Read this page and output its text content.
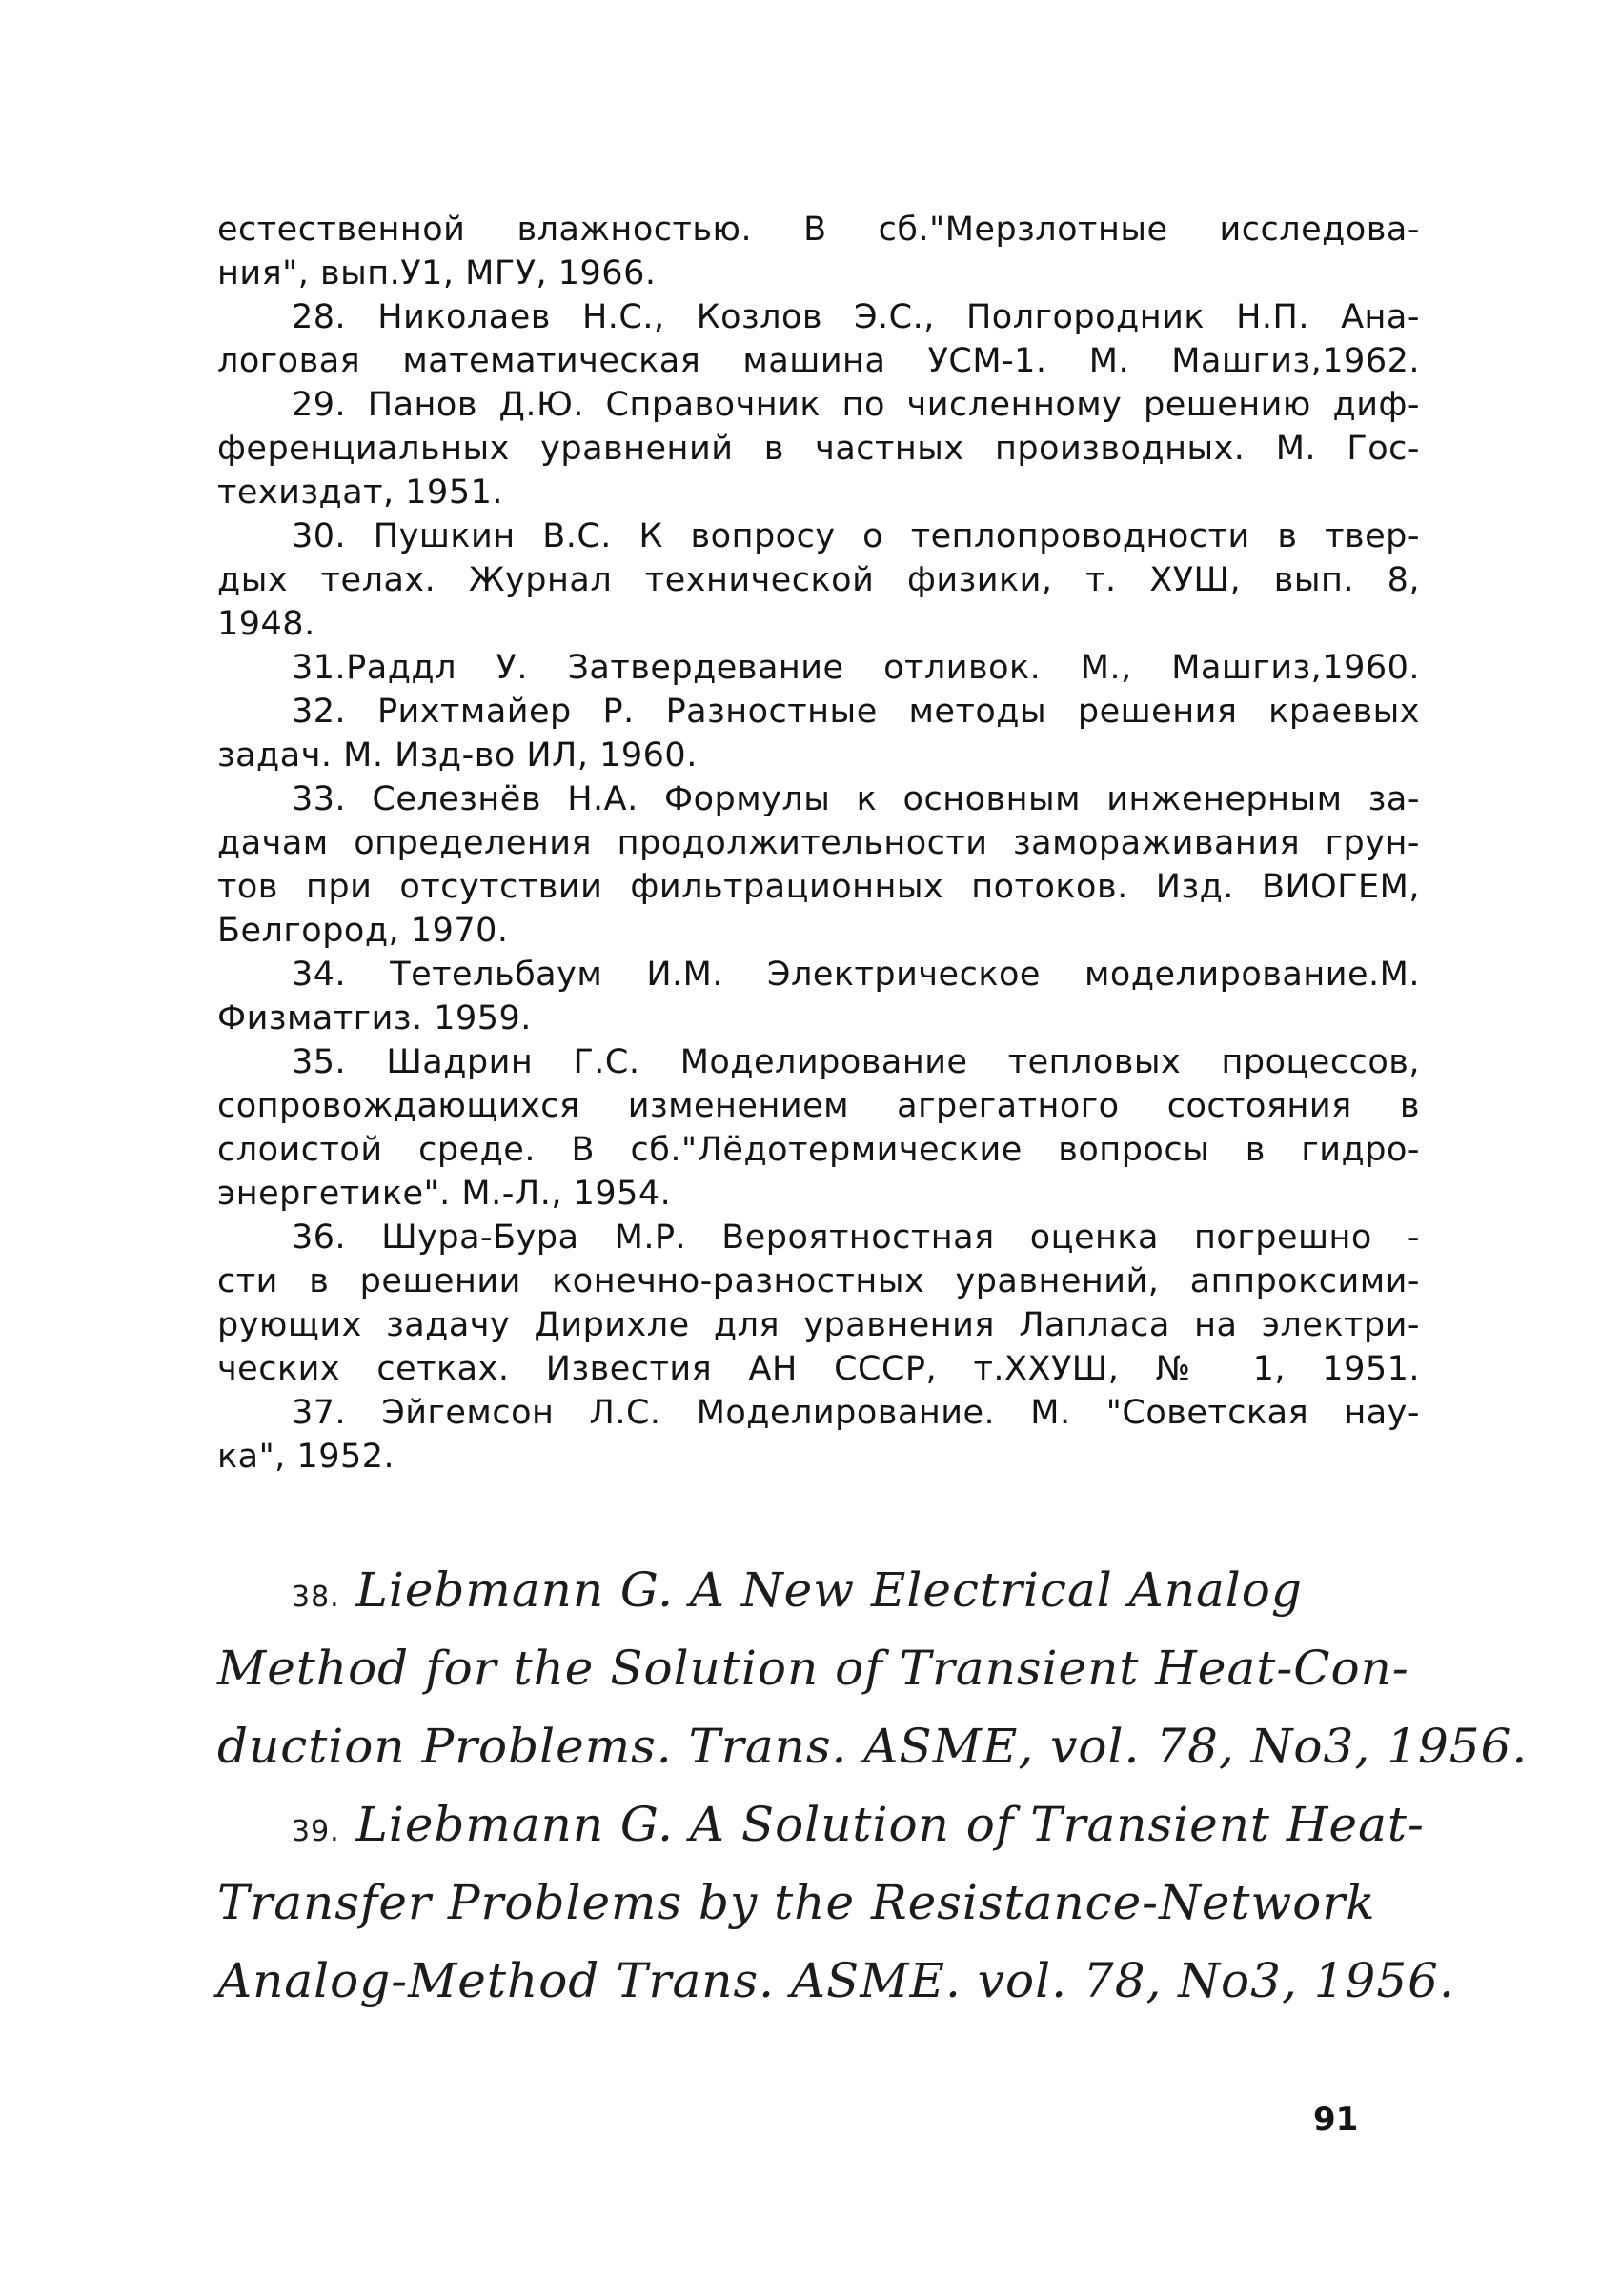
естественной влажностью. В сб."Мерзлотные исследова-
ния", вып.У1, МГУ, 1966.
28. Николаев Н.С., Козлов Э.С., Полгородник Н.П. Ана-
логовая математическая машина УСМ-1. М. Машгиз,1962.
29. Панов Д.Ю. Справочник по численному решению диф-
ференциальных уравнений в частных производных. М. Гос-
техиздат, 1951.
30. Пушкин В.С. К вопросу о теплопроводности в твер-
дых телах. Журнал технической физики, т. ХУШ, вып. 8,
1948.
31.Раддл У. Затвердевание отливок. М., Машгиз,1960.
32. Рихтмайер Р. Разностные методы решения краевых
задач. М. Изд-во ИЛ, 1960.
33. Селезнёв Н.А. Формулы к основным инженерным за-
дачам определения продолжительности замораживания грун-
тов при отсутствии фильтрационных потоков. Изд. ВИОГЕМ,
Белгород, 1970.
34. Тетельбаум И.М. Электрическое моделирование.М.
Физматгиз. 1959.
35. Шадрин Г.С. Моделирование тепловых процессов,
сопровождающихся изменением агрегатного состояния в
слоистой среде. В сб."Лёдотермические вопросы в гидро-
энергетике". М.-Л., 1954.
36. Шура-Бура М.Р. Вероятностная оценка погрешно -
сти в решении конечно-разностных уравнений, аппроксими-
рующих задачу Дирихле для уравнения Лапласа на электри-
ческих сетках. Известия АН СССР, т.ХХУШ, № 1, 1951.
37. Эйгемсон Л.С. Моделирование. М. "Советская нау-
ка", 1952.
38. Liebmann G. A New Electrical Analog
Method for the Solution of Transient Heat-Con-
duction Problems. Trans. ASME, vol. 78, No3, 1956.
39. Liebmann G. A Solution of Transient Heat-
Transfer Problems by the Resistance-Network
Analog-Method Trans. ASME. vol. 78, No3, 1956.
91
